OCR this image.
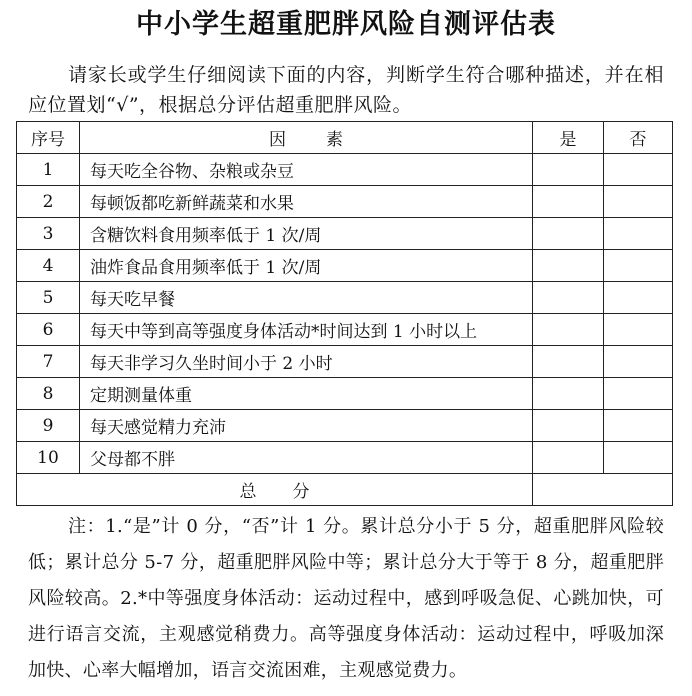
中小学生超重肥胖风险自测评估表
请家长或学生仔细阅读下面的内容，判断学生符合哪种描述，并在相应位置划“√”，根据总分评估超重肥胖风险。
序号	因素	是	否
1	每天吃全谷物、杂粮或杂豆		
2	每顿饭都吃新鲜蔬菜和水果		
3	含糖饮料食用频率低于 1 次/周		
4	油炸食品食用频率低于 1 次/周		
5	每天吃早餐		
6	每天中等到高等强度身体活动*时间达到 1 小时以上		
7	每天非学习久坐时间小于 2 小时		
8	定期测量体重		
9	每天感觉精力充沛		
10	父母都不胖		
总分			
注：1.“是”计 0 分，“否”计 1 分。累计总分小于 5 分，超重肥胖风险较低；累计总分 5-7 分，超重肥胖风险中等；累计总分大于等于 8 分，超重肥胖风险较高。2.*中等强度身体活动：运动过程中，感到呼吸急促、心跳加快，可进行语言交流，主观感觉稍费力。高等强度身体活动：运动过程中，呼吸加深加快、心率大幅增加，语言交流困难，主观感觉费力。
